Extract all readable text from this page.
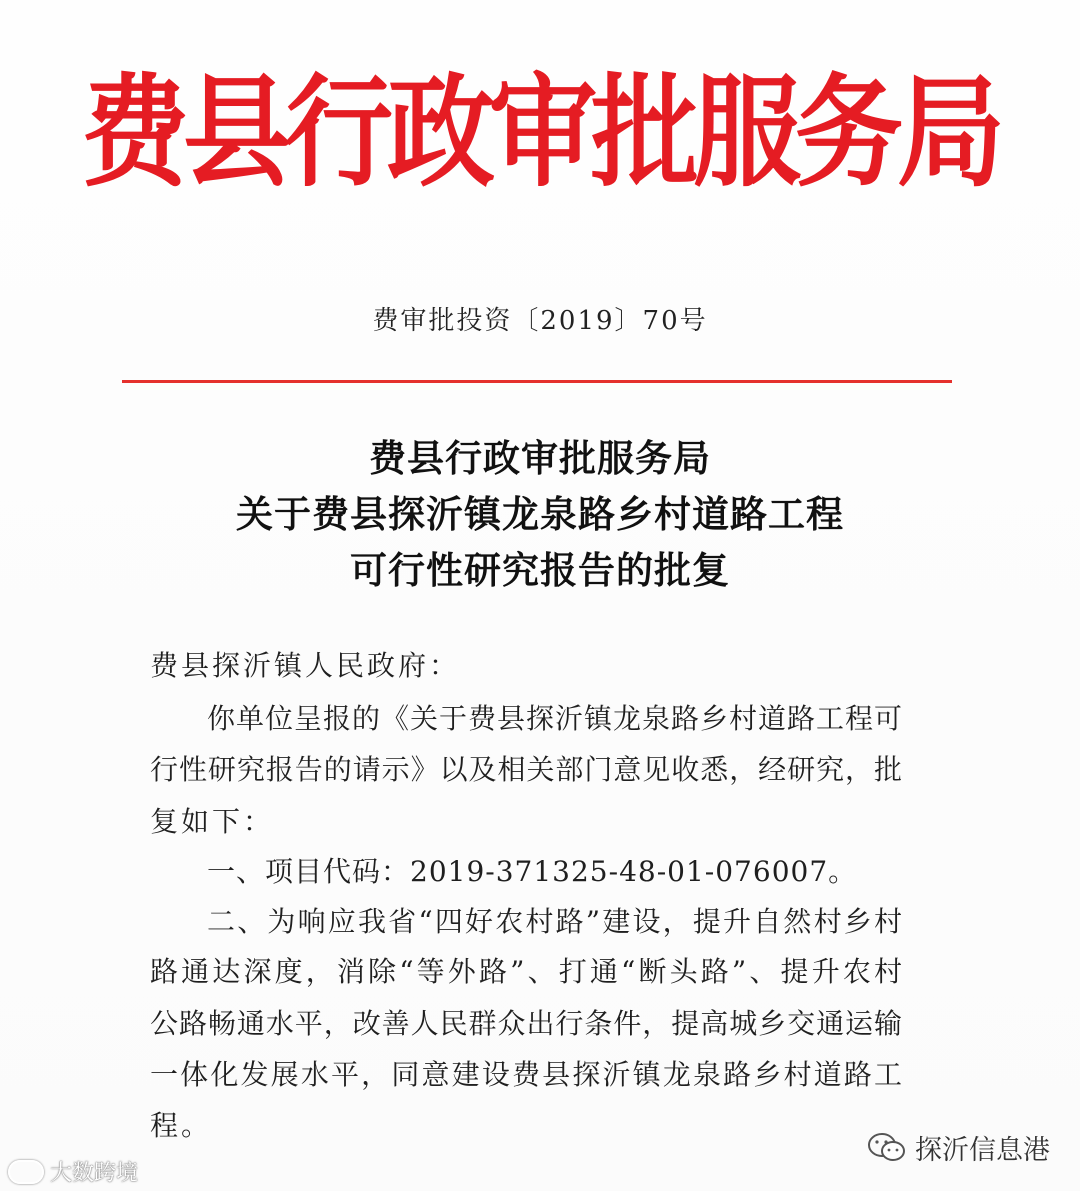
费县行政审批服务局
费审批投资〔2019〕70号
费县行政审批服务局
关于费县探沂镇龙泉路乡村道路工程
可行性研究报告的批复
费县探沂镇人民政府：
你单位呈报的《关于费县探沂镇龙泉路乡村道路工程可
行性研究报告的请示》以及相关部门意见收悉，经研究，批
复如下：
一、项目代码：2019-371325-48-01-076007。
二、为响应我省“四好农村路”建设，提升自然村乡村
路通达深度，消除“等外路”、打通“断头路”、提升农村
公路畅通水平，改善人民群众出行条件，提高城乡交通运输
一体化发展水平，同意建设费县探沂镇龙泉路乡村道路工
程。
大数跨境
探沂信息港
